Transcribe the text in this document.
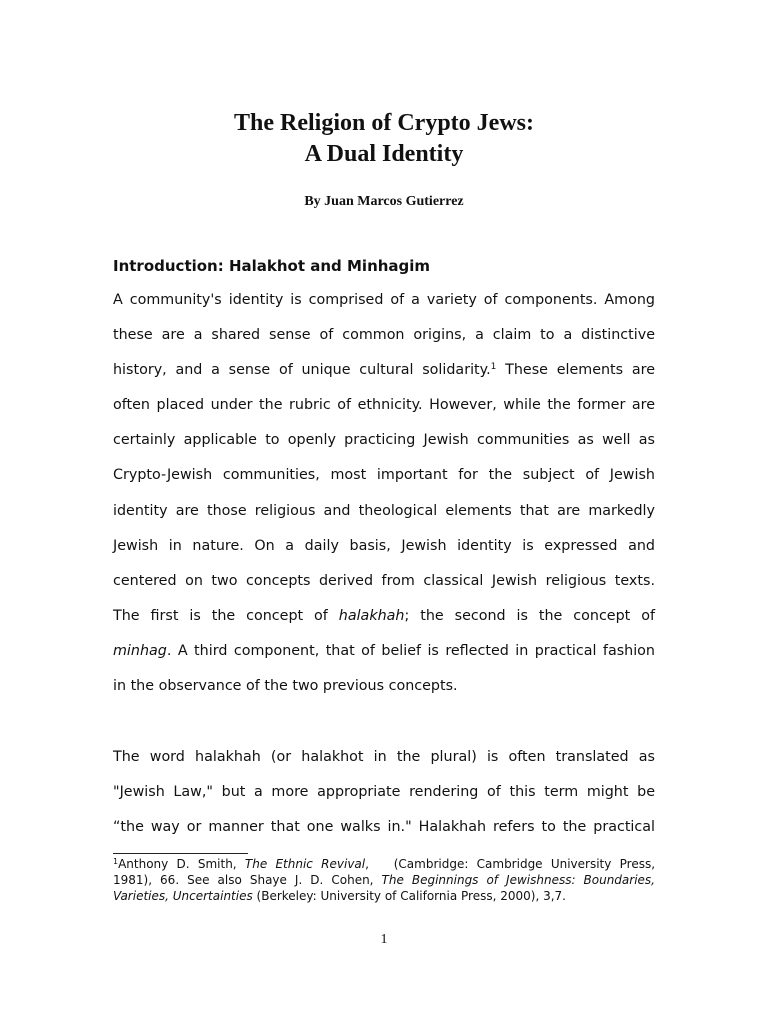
The Religion of Crypto Jews:
A Dual Identity

By Juan Marcos Gutierrez

Introduction: Halakhot and Minhagim
A community's identity is comprised of a variety of components. Among
these are a shared sense of common origins, a claim to a distinctive
history, and a sense of unique cultural solidarity.$^1$ These elements are
often placed under the rubric of ethnicity. However, while the former are
certainly applicable to openly practicing Jewish communities as well as
Crypto-Jewish communities, most important for the subject of Jewish
identity are those religious and theological elements that are markedly
Jewish in nature. On a daily basis, Jewish identity is expressed and
centered on two concepts derived from classical Jewish religious texts.
The first is the concept of halakhah; the second is the concept of
minhag. A third component, that of belief is reflected in practical fashion
in the observance of the two previous concepts.
The word halakhah (or halakhot in the plural) is often translated as
"Jewish Law," but a more appropriate rendering of this term might be
“the way or manner that one walks in." Halakhah refers to the practical
$^1$Anthony D. Smith, The Ethnic Revival,   (Cambridge: Cambridge University Press,
1981), 66. See also Shaye J. D. Cohen, The Beginnings of Jewishness: Boundaries,
Varieties, Uncertainties (Berkeley: University of California Press, 2000), 3,7.

1
